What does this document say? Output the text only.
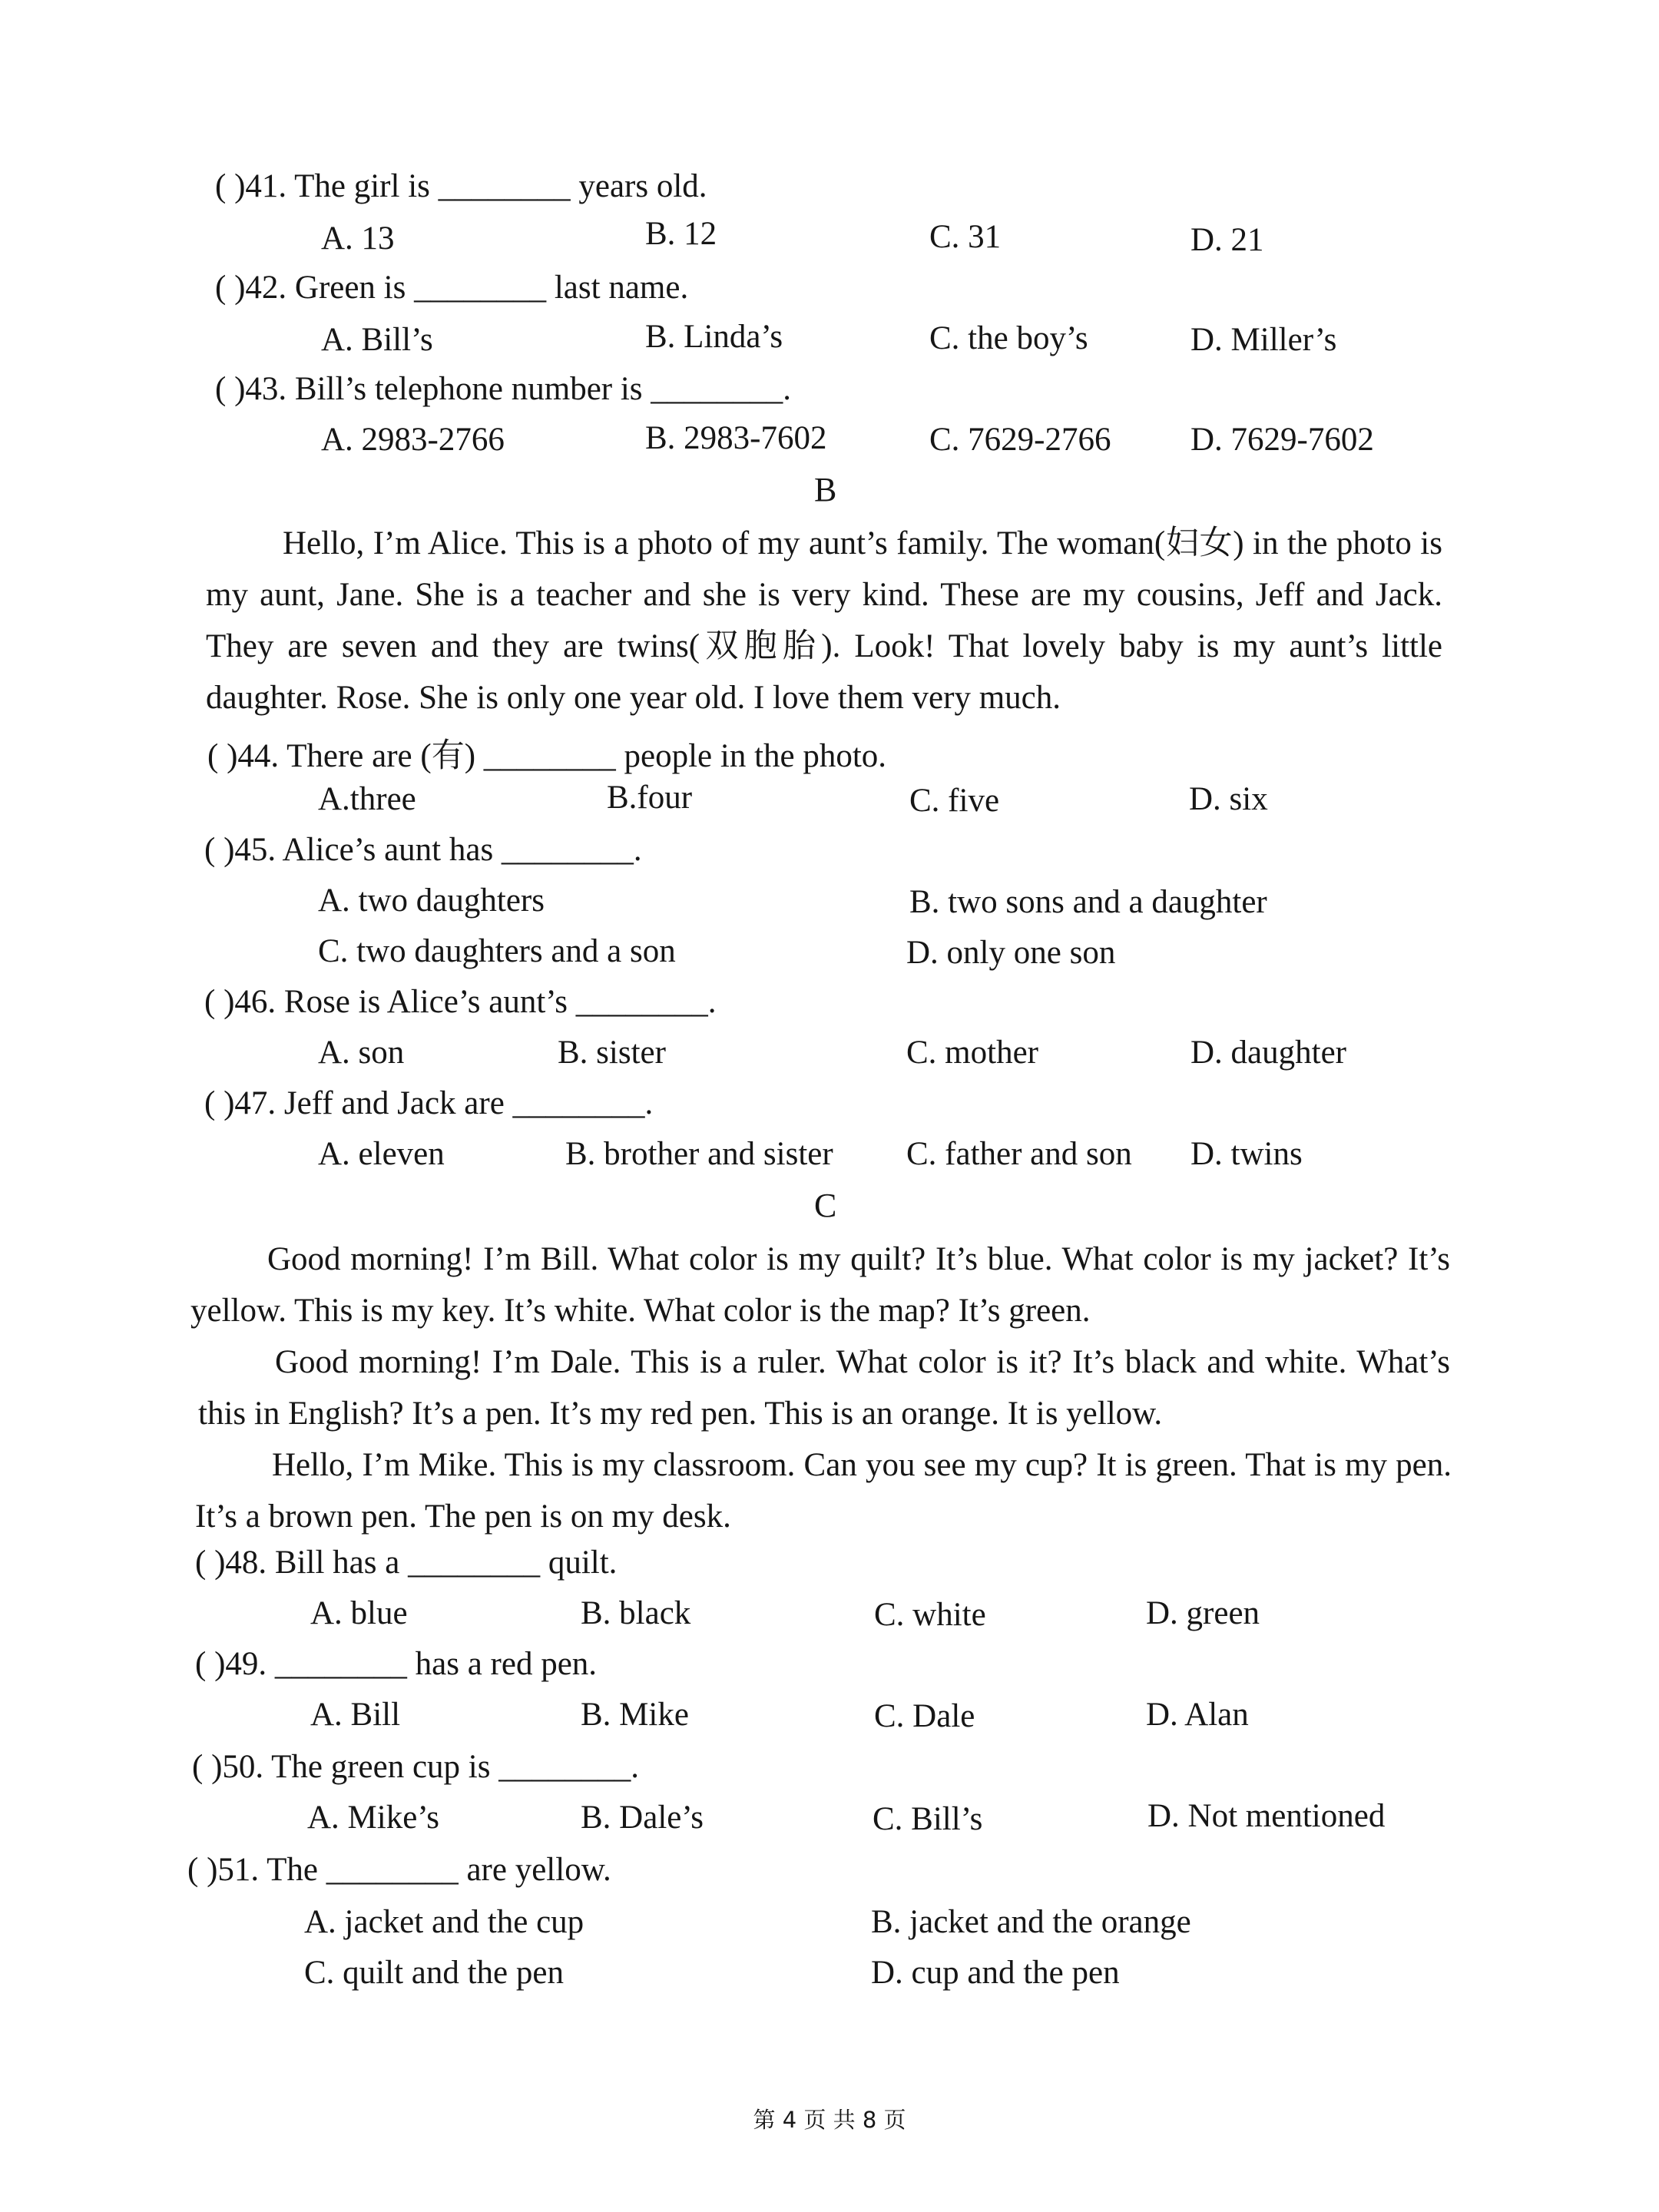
( )41. The girl is ________ years old.
A. 13	B. 12	C. 31	D. 21
( )42. Green is ________ last name.
A. Bill’s	B. Linda’s	C. the boy’s	D. Miller’s
( )43. Bill’s telephone number is ________.
A. 2983-2766	B. 2983-7602	C. 7629-2766 D. 7629-7602
B
Hello, I’m Alice. This is a photo of my aunt’s family. The woman(妇女) in the photo is my aunt, Jane. She is a teacher and she is very kind. These are my cousins, Jeff and Jack. They are seven and they are twins(双胞胎). Look! That lovely baby is my aunt’s little daughter. Rose. She is only one year old. I love them very much.
( )44. There are (有) ________ people in the photo.
A.three	B.four	C. five	D. six
( )45. Alice’s aunt has ________.
A. two daughters	B. two sons and a daughter
C. two daughters and a son	D. only one son
( )46. Rose is Alice’s aunt’s ________.
A. son	B. sister	C. mother	D. daughter
( )47. Jeff and Jack are ________.
A. eleven	B. brother and sister C. father and son D. twins
C
Good morning! I’m Bill. What color is my quilt? It’s blue. What color is my jacket? It’s yellow. This is my key. It’s white. What color is the map? It’s green.
Good morning! I’m Dale. This is a ruler. What color is it? It’s black and white. What’s this in English? It’s a pen. It’s my red pen. This is an orange. It is yellow.
Hello, I’m Mike. This is my classroom. Can you see my cup? It is green. That is my pen. It’s a brown pen. The pen is on my desk.
( )48. Bill has a ________ quilt.
A. blue	B. black	C. white	D. green
( )49. ________ has a red pen.
A. Bill	B. Mike	C. Dale	D. Alan
( )50. The green cup is ________.
A. Mike’s	B. Dale’s	C. Bill’s	D. Not mentioned
( )51. The ________ are yellow.
A. jacket and the cup	B. jacket and the orange
C. quilt and the pen	D. cup and the pen
第 4 页 共 8 页
